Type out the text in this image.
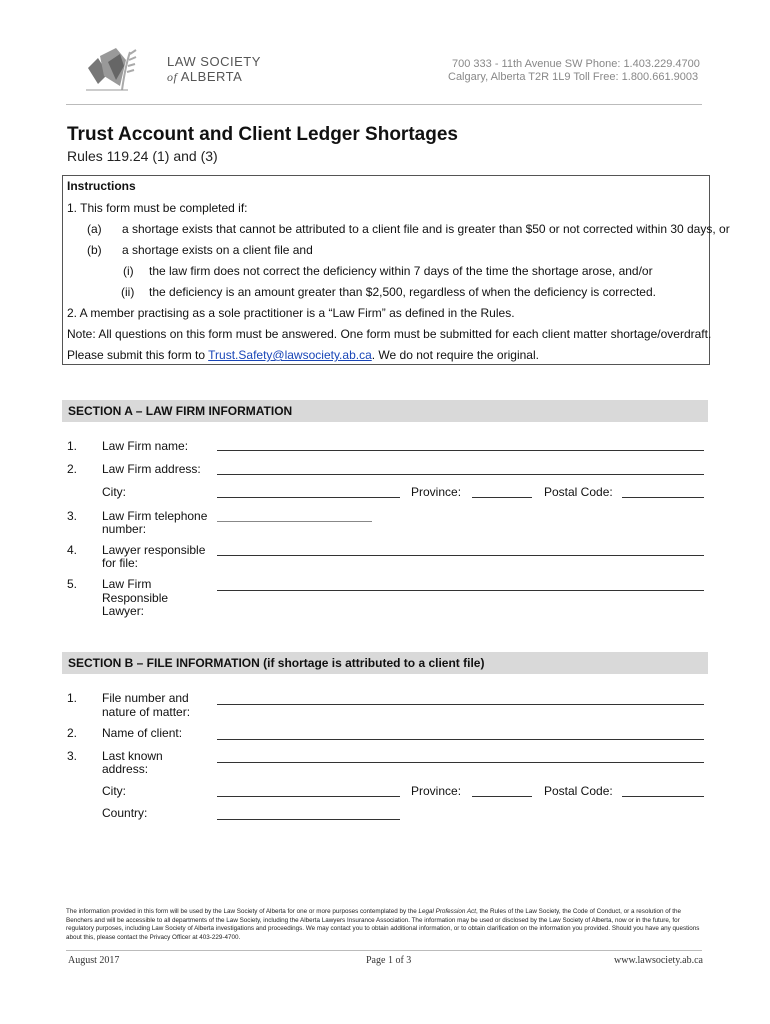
LAW SOCIETY
of ALBERTA
700 333 - 11th Avenue SW Phone: 1.403.229.4700
Calgary, Alberta T2R 1L9 Toll Free: 1.800.661.9003
Trust Account and Client Ledger Shortages
Rules 119.24 (1) and (3)
Instructions
1. This form must be completed if:
(a) a shortage exists that cannot be attributed to a client file and is greater than $50 or not corrected within 30 days, or
(b) a shortage exists on a client file and
(i) the law firm does not correct the deficiency within 7 days of the time the shortage arose, and/or
(ii) the deficiency is an amount greater than $2,500, regardless of when the deficiency is corrected.
2. A member practising as a sole practitioner is a “Law Firm” as defined in the Rules.
Note: All questions on this form must be answered. One form must be submitted for each client matter shortage/overdraft.
Please submit this form to Trust.Safety@lawsociety.ab.ca. We do not require the original.
SECTION A – LAW FIRM INFORMATION
1. Law Firm name:
2. Law Firm address:
City:	Province:	Postal Code:
3. Law Firm telephone
number:
4. Lawyer responsible
for file:
5. Law Firm
Responsible
Lawyer:
SECTION B – FILE INFORMATION (if shortage is attributed to a client file)
1. File number and
nature of matter:
2. Name of client:
3. Last known
address:
City:	Province:	Postal Code:
Country:
The information provided in this form will be used by the Law Society of Alberta for one or more purposes contemplated by the Legal Profession Act, the Rules of the Law Society, the Code of Conduct, or a resolution of the Benchers and will be accessible to all departments of the Law Society, including the Alberta Lawyers Insurance Association. The information may be used or disclosed by the Law Society of Alberta, now or in the future, for regulatory purposes, including Law Society of Alberta investigations and proceedings. We may contact you to obtain additional information, or to obtain clarification on the information you provided. Should you have any questions about this, please contact the Privacy Officer at 403-229-4700.
August 2017	Page 1 of 3	www.lawsociety.ab.ca
